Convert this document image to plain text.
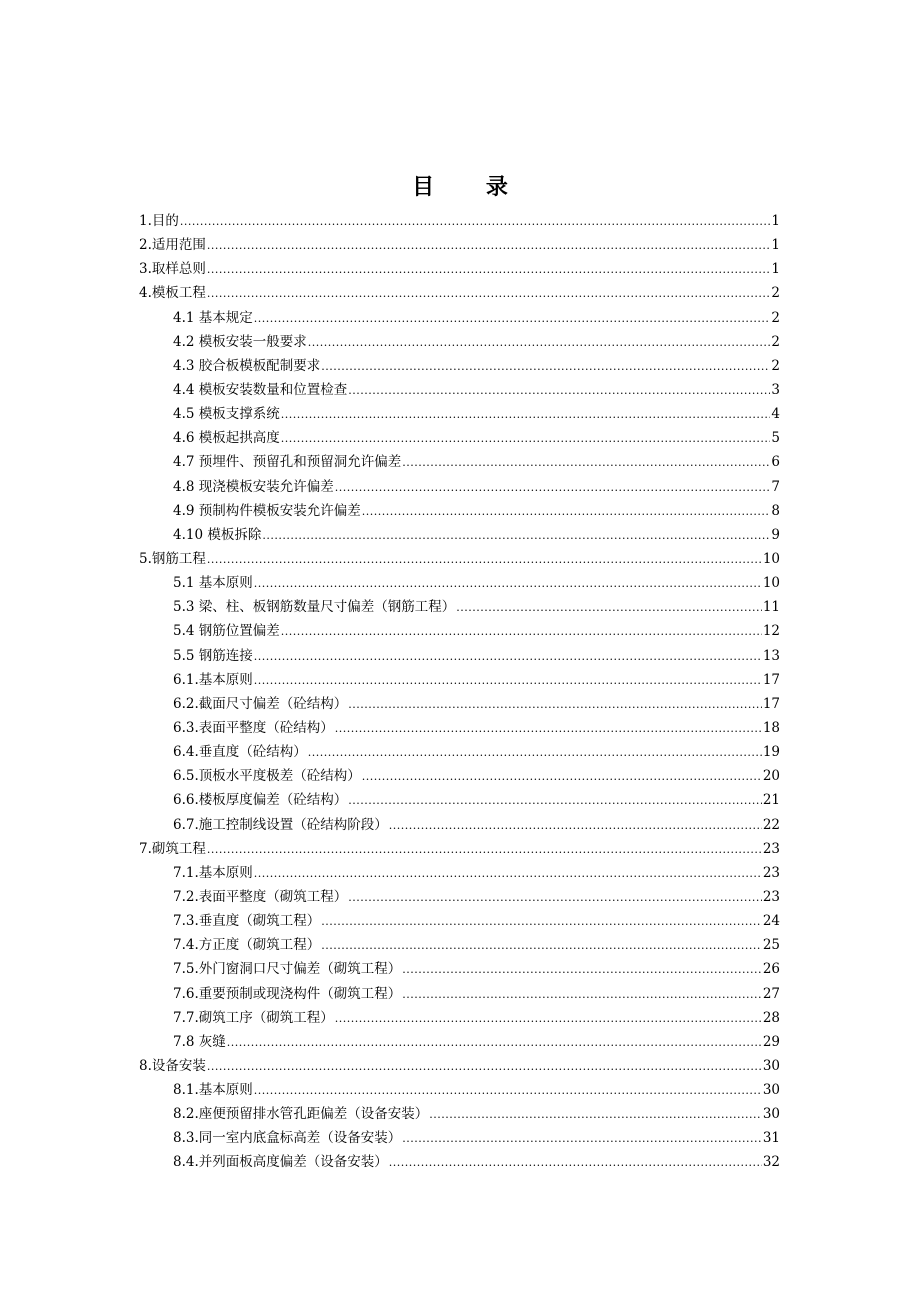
目 录
1.目的 .....	1
2.适用范围 .....	1
3.取样总则 .....	1
4.模板工程 .....	2
4.1 基本规定 .....	2
4.2 模板安装一般要求 .....	2
4.3 胶合板模板配制要求 .....	2
4.4 模板安装数量和位置检查 .....	3
4.5 模板支撑系统 .....	4
4.6 模板起拱高度 .....	5
4.7 预埋件、预留孔和预留洞允许偏差 .....	6
4.8 现浇模板安装允许偏差 .....	7
4.9 预制构件模板安装允许偏差 .....	8
4.10 模板拆除 .....	9
5.钢筋工程 .....	10
5.1 基本原则 .....	10
5.3 梁、柱、板钢筋数量尺寸偏差（钢筋工程） .....	11
5.4 钢筋位置偏差 .....	12
5.5 钢筋连接 .....	13
6.1.基本原则 .....	17
6.2.截面尺寸偏差（砼结构） .....	17
6.3.表面平整度（砼结构） .....	18
6.4.垂直度（砼结构） .....	19
6.5.顶板水平度极差（砼结构） .....	20
6.6.楼板厚度偏差（砼结构） .....	21
6.7.施工控制线设置（砼结构阶段） .....	22
7.砌筑工程 .....	23
7.1.基本原则 .....	23
7.2.表面平整度（砌筑工程） .....	23
7.3.垂直度（砌筑工程） .....	24
7.4.方正度（砌筑工程） .....	25
7.5.外门窗洞口尺寸偏差（砌筑工程） .....	26
7.6.重要预制或现浇构件（砌筑工程） .....	27
7.7.砌筑工序（砌筑工程） .....	28
7.8 灰缝 .....	29
8.设备安装 .....	30
8.1.基本原则 .....	30
8.2.座便预留排水管孔距偏差（设备安装） .....	30
8.3.同一室内底盒标高差（设备安装） .....	31
8.4.并列面板高度偏差（设备安装） .....	32
